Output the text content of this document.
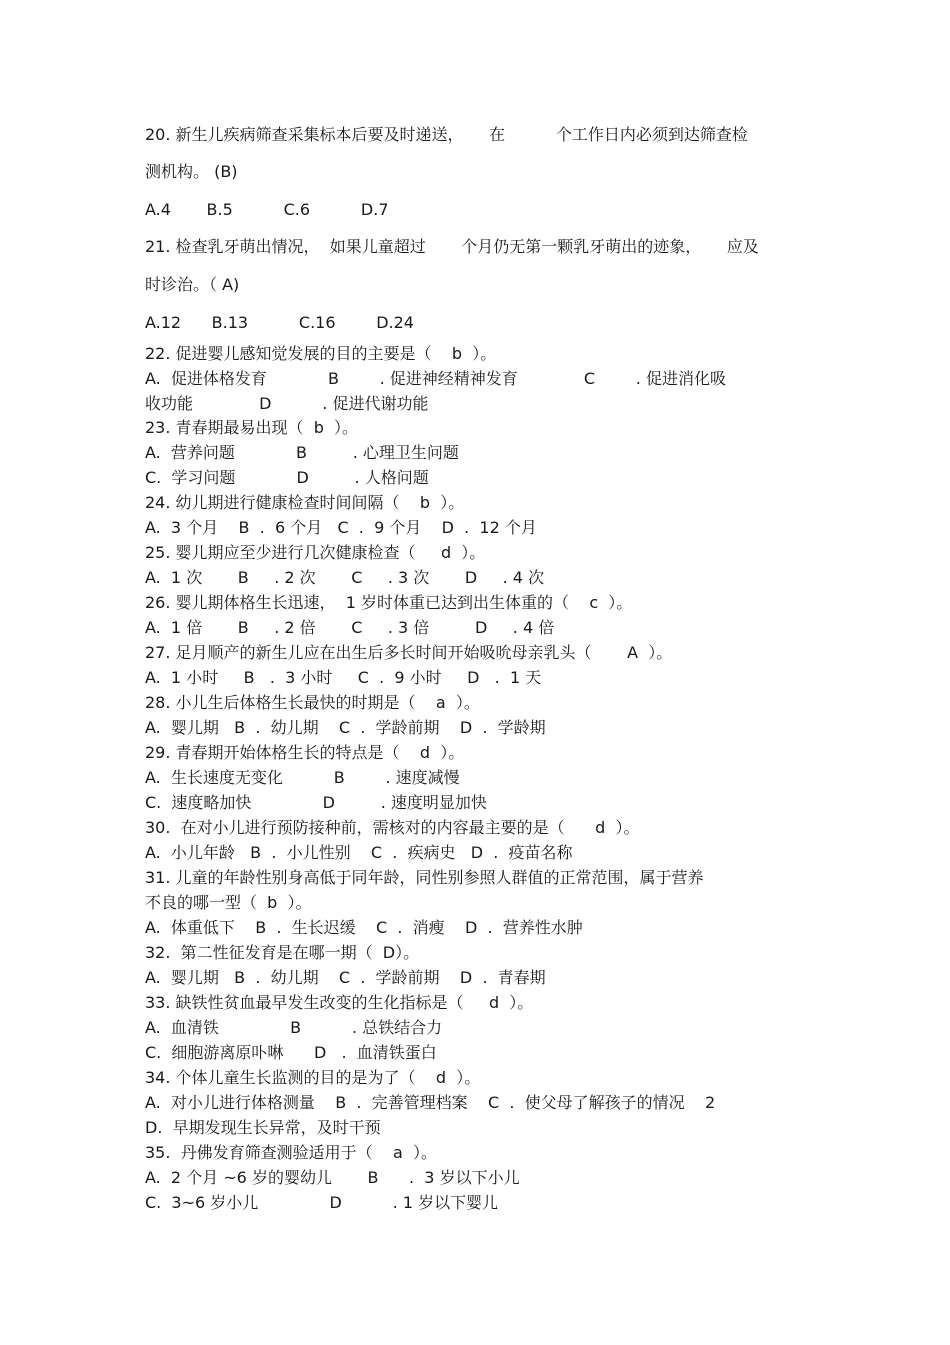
20. 新生儿疾病筛查采集标本后要及时递送，     在          个工作日内必须到达筛查检
测机构。 (B)
A.4       B.5          C.6          D.7
21. 检查乳牙萌出情况，  如果儿童超过       个月仍无第一颗乳牙萌出的迹象，     应及
时诊治。（ A)
A.12      B.13          C.16        D.24
22. 促进婴儿感知觉发展的目的主要是（    b  ）。
A.  促进体格发育            B        . 促进神经精神发育             C        . 促进消化吸
收功能             D          . 促进代谢功能
23. 青春期最易出现（  b  ）。
A.  营养问题            B         . 心理卫生问题
C.  学习问题            D         . 人格问题
24. 幼儿期进行健康检查时间间隔（    b  ）。
A.  3 个月    B  .  6 个月   C  .  9 个月    D  .  12 个月
25. 婴儿期应至少进行几次健康检查（     d  ）。
A.  1 次       B     . 2 次       C     . 3 次       D     . 4 次
26. 婴儿期体格生长迅速，  1 岁时体重已达到出生体重的（    c  ）。
A.  1 倍       B     . 2 倍       C     . 3 倍         D     . 4 倍
27. 足月顺产的新生儿应在出生后多长时间开始吸吮母亲乳头（       A  ）。
A.  1 小时     B   .  3 小时     C  .  9 小时     D   .  1 天
28. 小儿生后体格生长最快的时期是（    a  ）。
A.  婴儿期   B  .  幼儿期    C  .  学龄前期    D  .  学龄期
29. 青春期开始体格生长的特点是（    d  ）。
A.  生长速度无变化          B        . 速度减慢
C.  速度略加快              D         . 速度明显加快
30.  在对小儿进行预防接种前，需核对的内容最主要的是（      d  ）。
A.  小儿年龄   B  .  小儿性别    C  .  疾病史   D  .  疫苗名称
31. 儿童的年龄性别身高低于同年龄，同性别参照人群值的正常范围，属于营养
不良的哪一型（  b  ）。
A.  体重低下    B  .  生长迟缓    C  .  消瘦    D  .  营养性水肿
32.  第二性征发育是在哪一期（  D）。
A.  婴儿期   B  .  幼儿期    C  .  学龄前期    D  .  青春期
33. 缺铁性贫血最早发生改变的生化指标是（     d  ）。
A.  血清铁              B          . 总铁结合力
C.  细胞游离原卟啉      D   .  血清铁蛋白
34. 个体儿童生长监测的目的是为了（    d  ）。
A.  对小儿进行体格测量    B  .  完善管理档案    C  .  使父母了解孩子的情况    2
D.  早期发现生长异常，及时干预
35.  丹佛发育筛查测验适用于（    a  ）。
A.  2 个月 ~6 岁的婴幼儿       B      .  3 岁以下小儿
C.  3~6 岁小儿              D          . 1 岁以下婴儿
